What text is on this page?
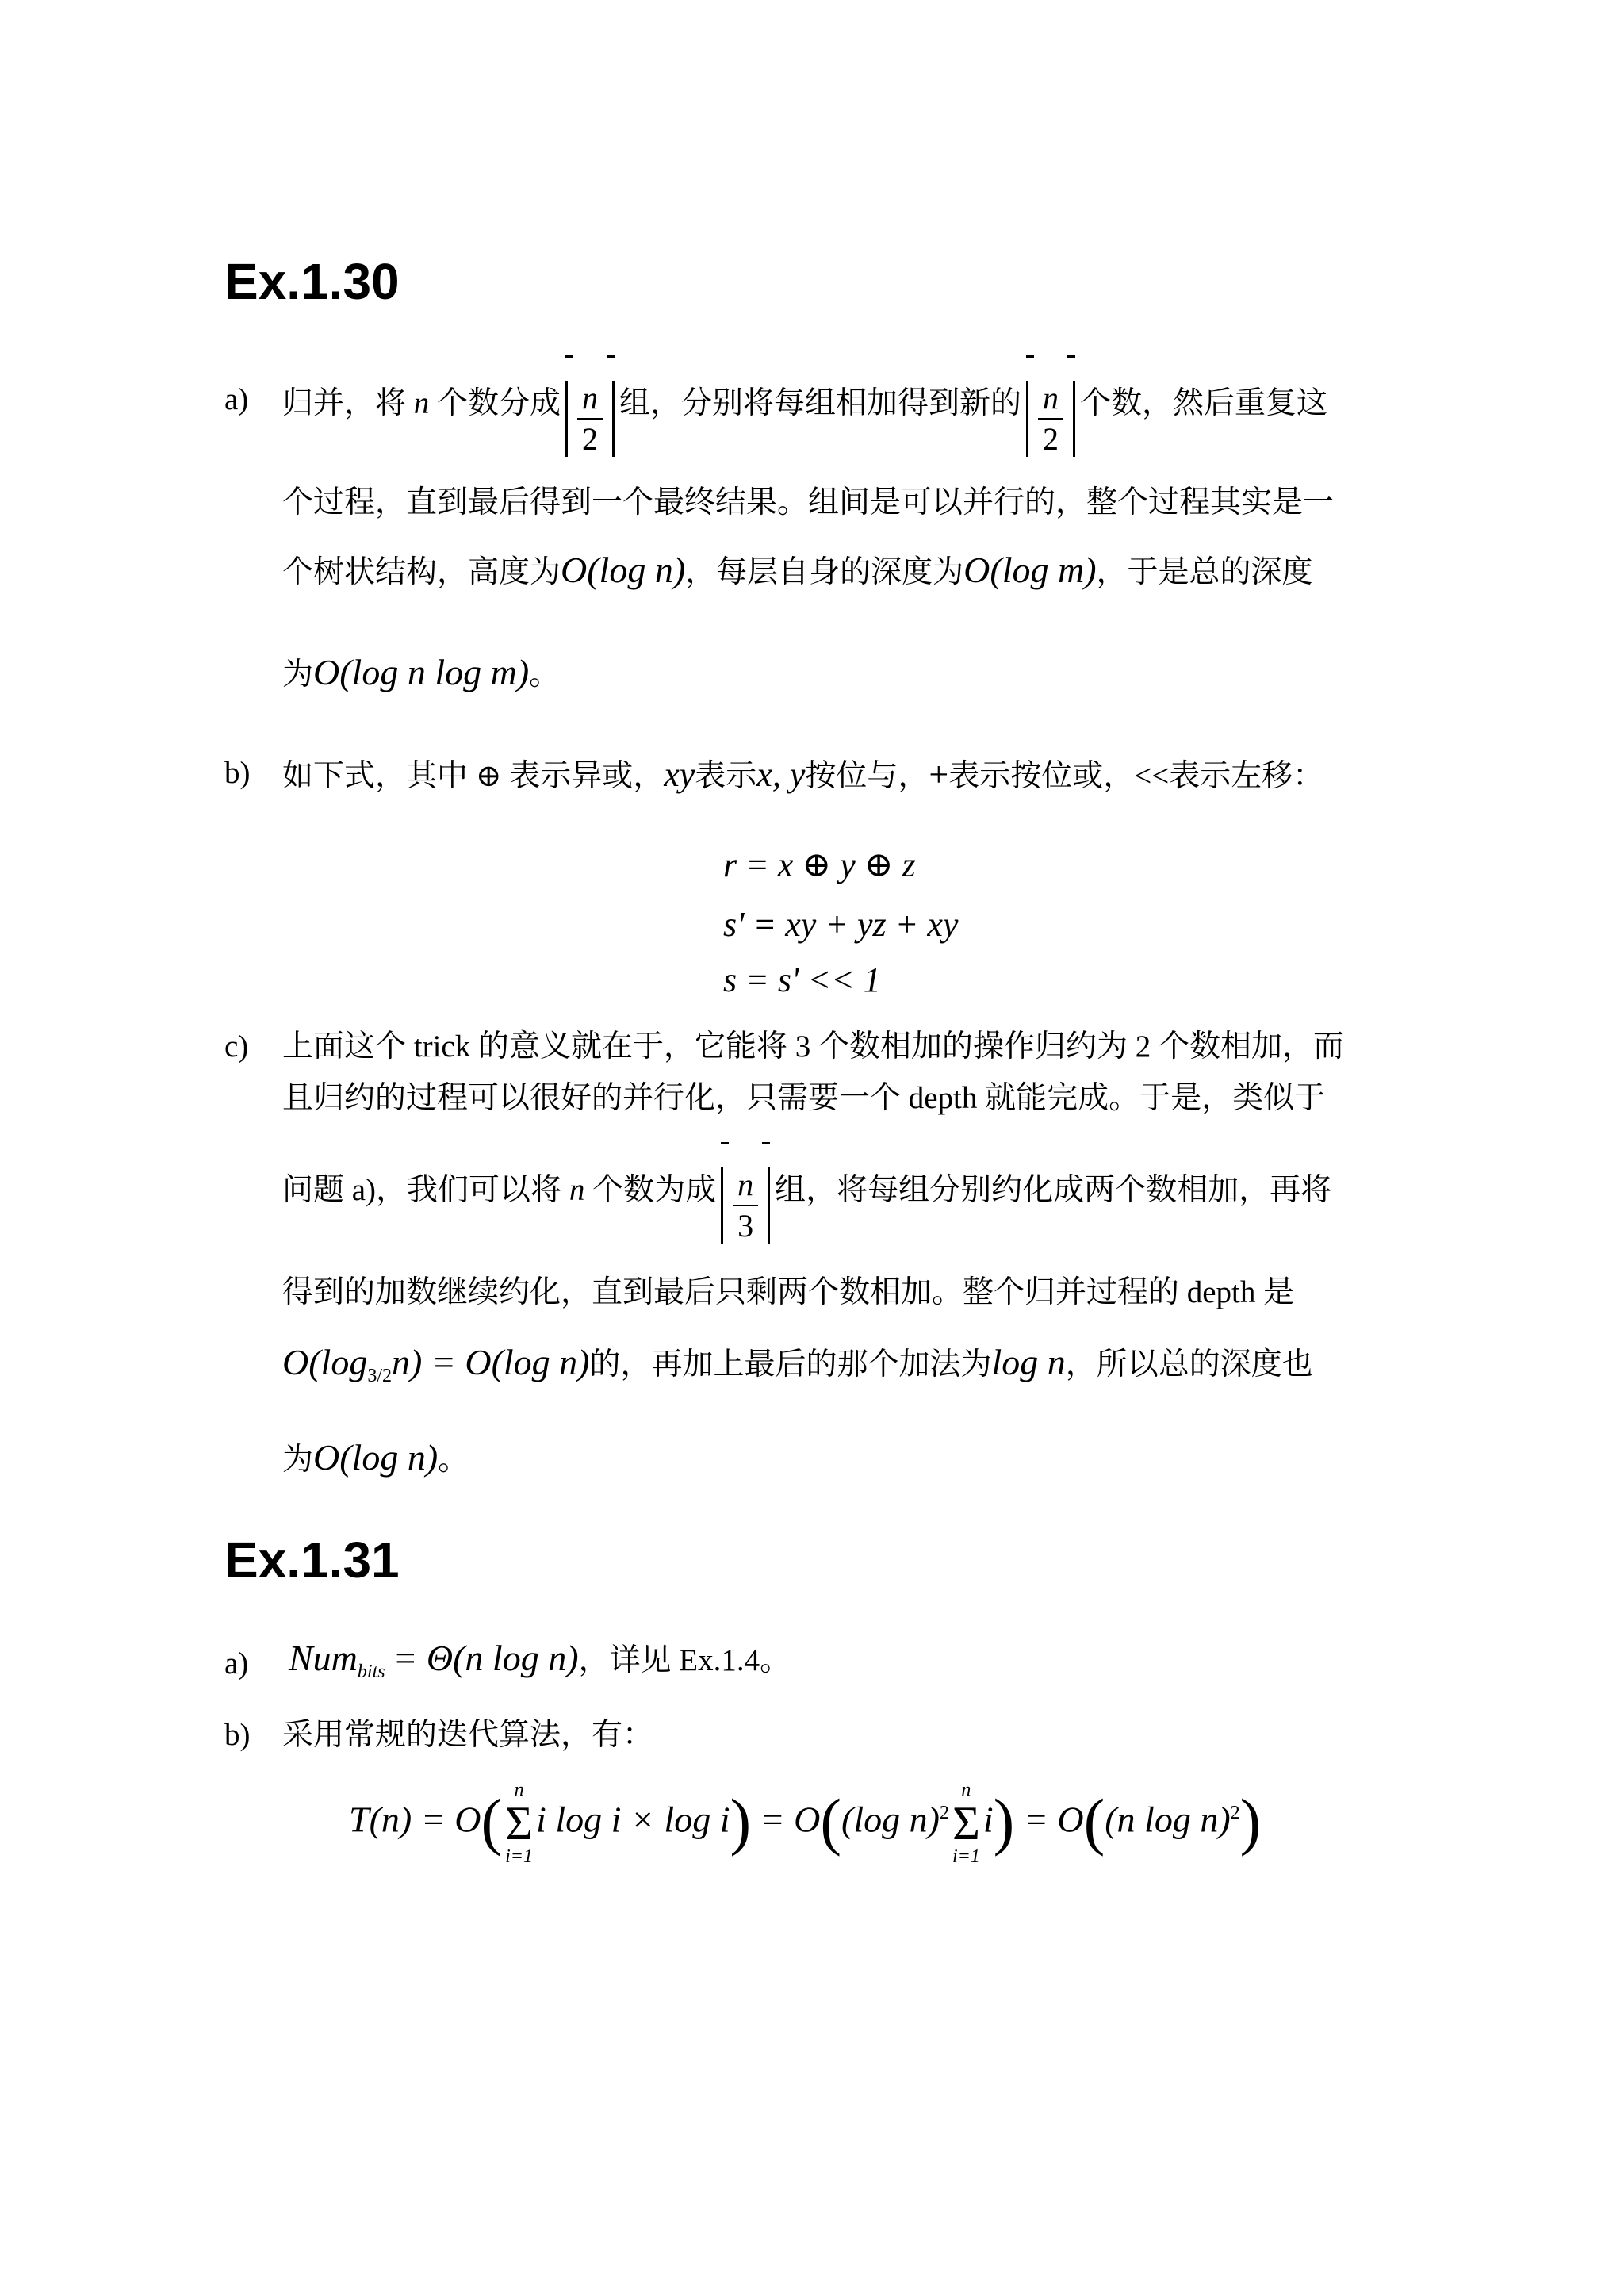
Ex.1.30
a) 归并，将 n 个数分成 $\frac{n}{2}$ 组，分别将每组相加得到新的 $\frac{n}{2}$ 个数，然后重复这
个过程，直到最后得到一个最终结果。组间是可以并行的，整个过程其实是一
个树状结构，高度为O(log n)，每层自身的深度为O(log m)，于是总的深度
为O(log n log m)。
b) 如下式，其中 ⊕ 表示异或，xy表示x, y按位与，+表示按位或，<<表示左移：
r = x ⊕ y ⊕ z
s' = xy + yz + xy
s = s' << 1
c) 上面这个 trick 的意义就在于，它能将 3 个数相加的操作归约为 2 个数相加，而
且归约的过程可以很好的并行化，只需要一个 depth 就能完成。于是，类似于
问题 a)，我们可以将 n 个数为成 $\frac{n}{3}$ 组，将每组分别约化成两个数相加，再将
得到的加数继续约化，直到最后只剩两个数相加。整个归并过程的 depth 是
$O(\log_{3/2}n) = O(\log$ n)的，再加上最后的那个加法为log n，所以总的深度也
为O(log n)。
Ex.1.31
a) Num$_{bits}$ = Θ(n log n)，详见 Ex.1.4。
b) 采用常规的迭代算法，有：
T(n) = O( n
Σ
i=1
i log i × log i) = O((log n)$^2$
n
Σ
i=1
i) = O((n log n)$^2$)
